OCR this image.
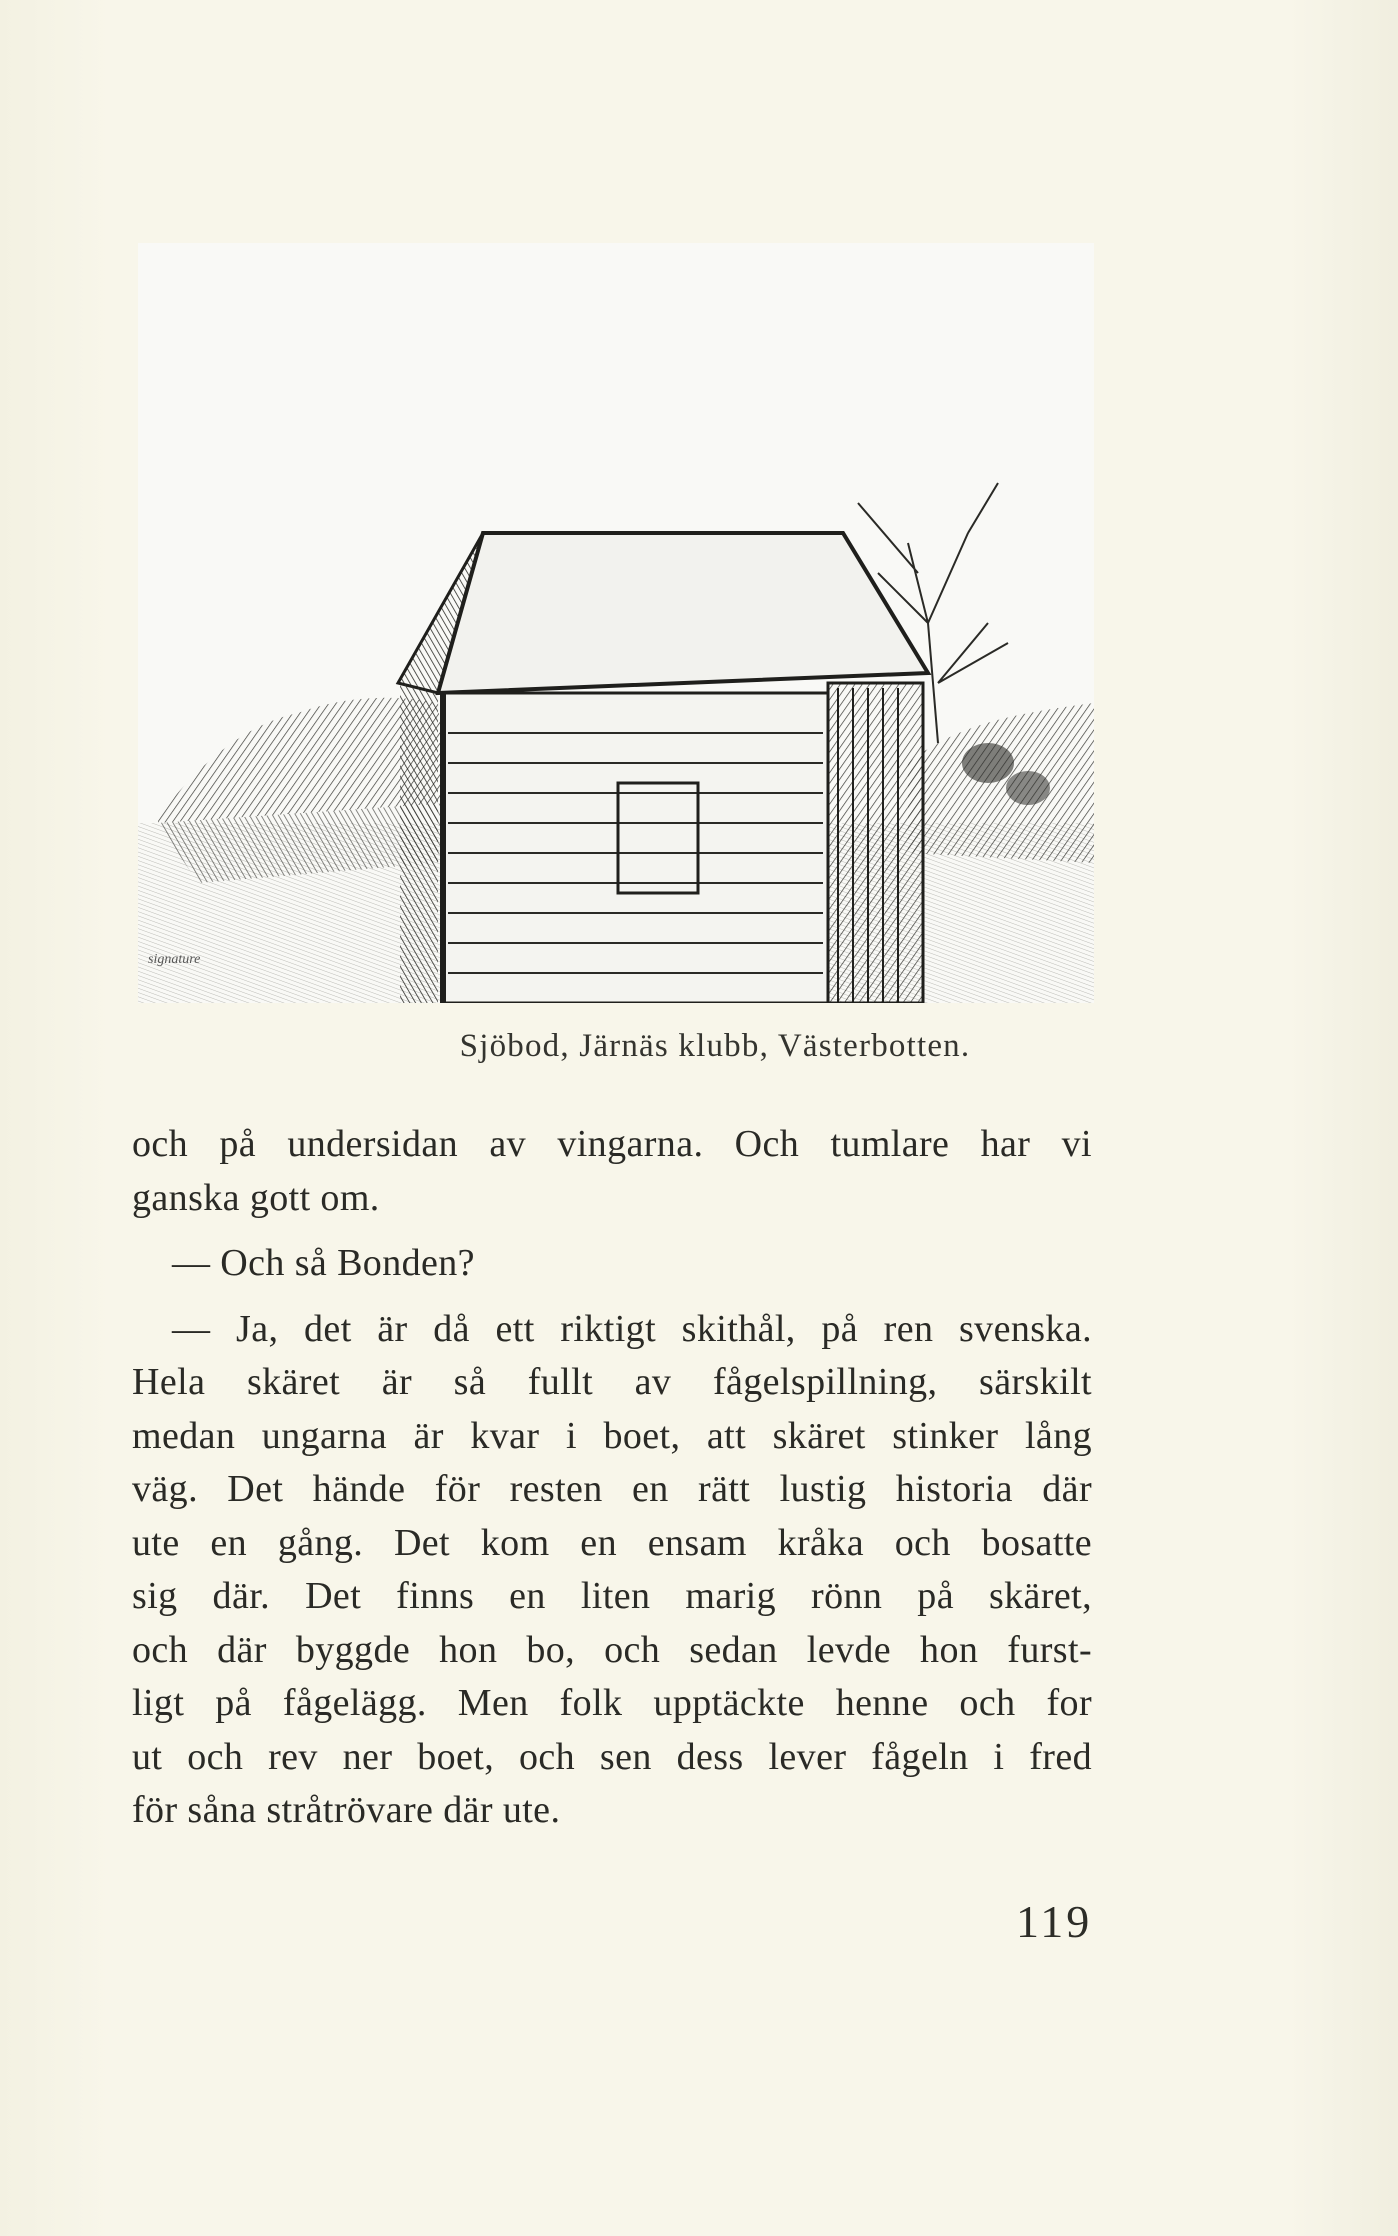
signature
Sjöbod, Järnäs klubb, Västerbotten.
och på undersidan av vingarna. Och tumlare har vi
ganska gott om.
— Och så Bonden?
— Ja, det är då ett riktigt skithål, på ren svenska.
Hela skäret är så fullt av fågelspillning, särskilt
medan ungarna är kvar i boet, att skäret stinker lång
väg. Det hände för resten en rätt lustig historia där
ute en gång. Det kom en ensam kråka och bosatte
sig där. Det finns en liten marig rönn på skäret,
och där byggde hon bo, och sedan levde hon furst-
ligt på fågelägg. Men folk upptäckte henne och for
ut och rev ner boet, och sen dess lever fågeln i fred
för såna stråtrövare där ute.
119
